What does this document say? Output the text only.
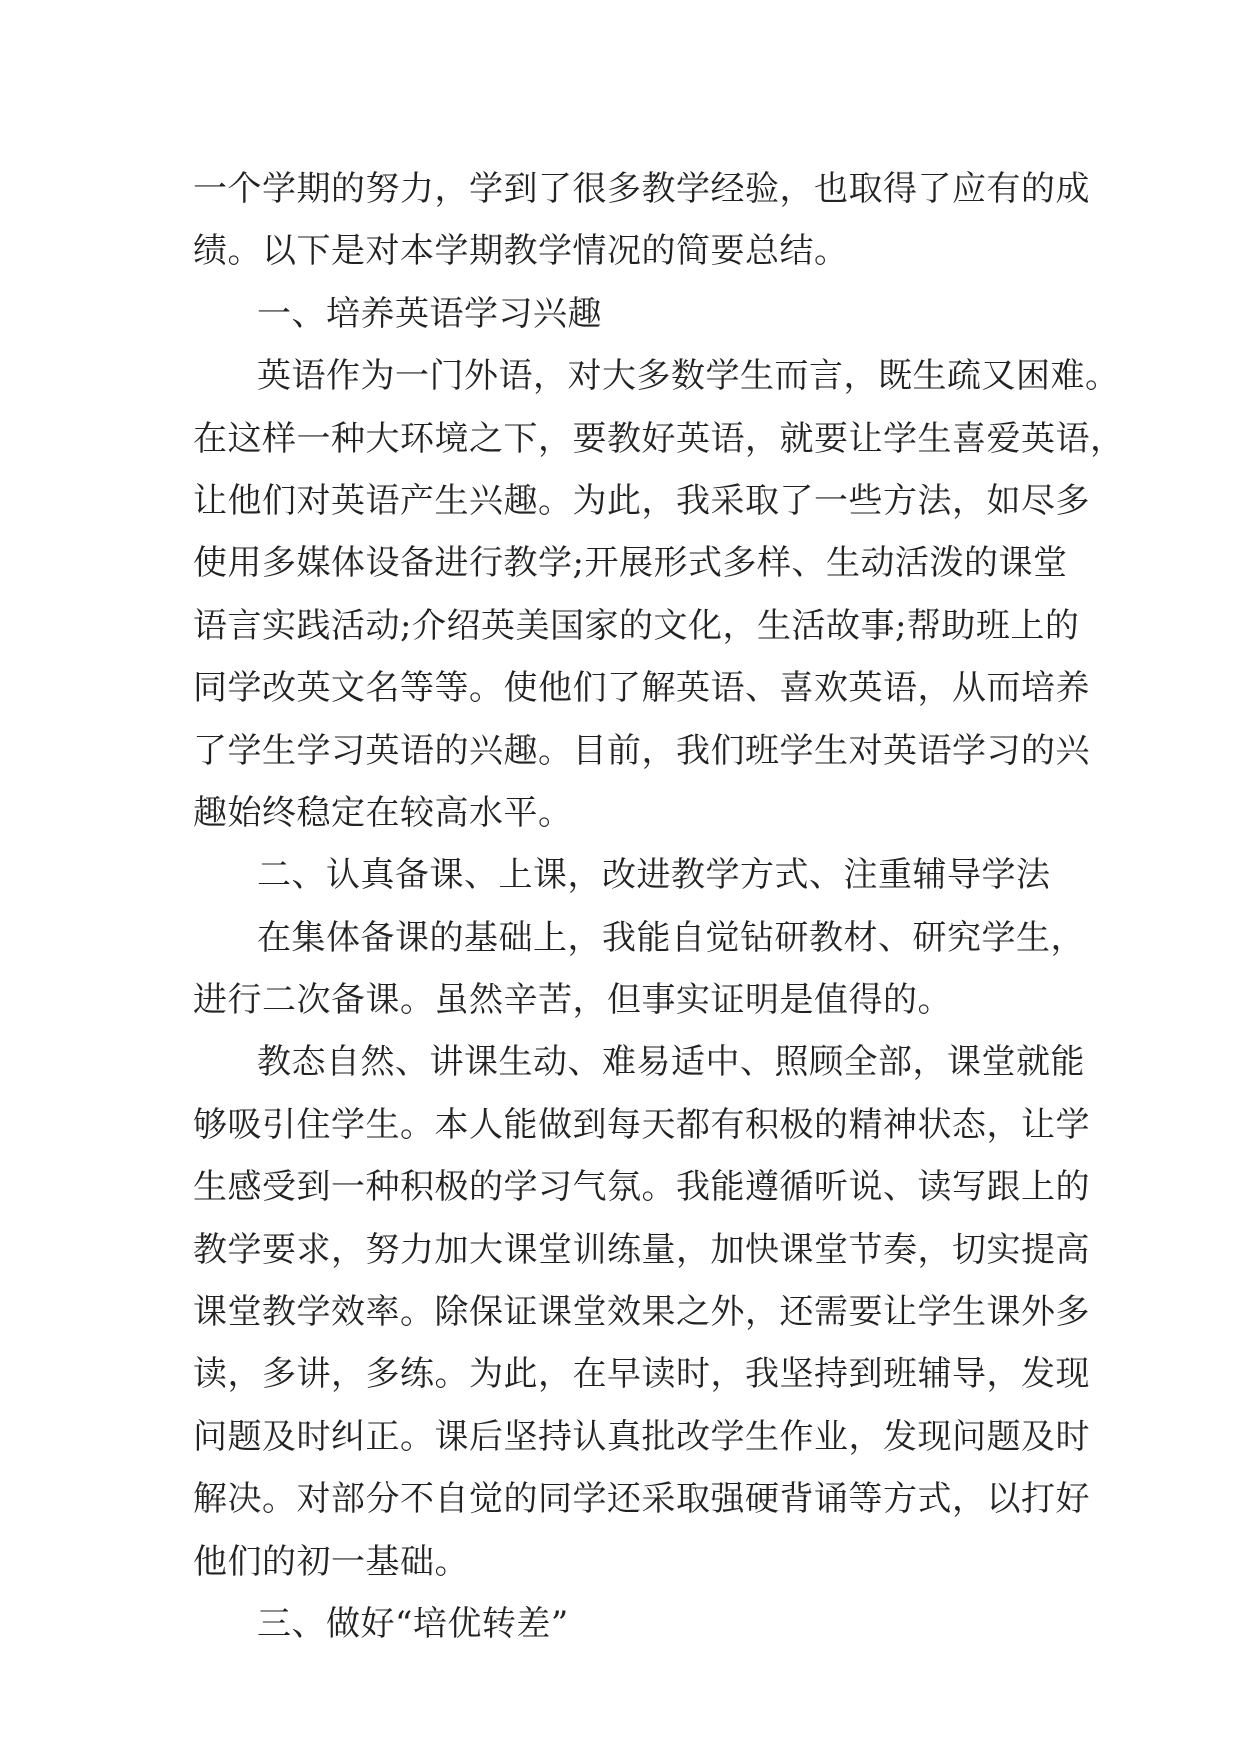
一个学期的努力，学到了很多教学经验，也取得了应有的成
绩。以下是对本学期教学情况的简要总结。
一、培养英语学习兴趣
英语作为一门外语，对大多数学生而言，既生疏又困难。
在这样一种大环境之下，要教好英语，就要让学生喜爱英语，
让他们对英语产生兴趣。为此，我采取了一些方法，如尽多
使用多媒体设备进行教学;开展形式多样、生动活泼的课堂
语言实践活动;介绍英美国家的文化，生活故事;帮助班上的
同学改英文名等等。使他们了解英语、喜欢英语，从而培养
了学生学习英语的兴趣。目前，我们班学生对英语学习的兴
趣始终稳定在较高水平。
二、认真备课、上课，改进教学方式、注重辅导学法
在集体备课的基础上，我能自觉钻研教材、研究学生，
进行二次备课。虽然辛苦，但事实证明是值得的。
教态自然、讲课生动、难易适中、照顾全部，课堂就能
够吸引住学生。本人能做到每天都有积极的精神状态，让学
生感受到一种积极的学习气氛。我能遵循听说、读写跟上的
教学要求，努力加大课堂训练量，加快课堂节奏，切实提高
课堂教学效率。除保证课堂效果之外，还需要让学生课外多
读，多讲，多练。为此，在早读时，我坚持到班辅导，发现
问题及时纠正。课后坚持认真批改学生作业，发现问题及时
解决。对部分不自觉的同学还采取强硬背诵等方式，以打好
他们的初一基础。
三、做好“培优转差”
